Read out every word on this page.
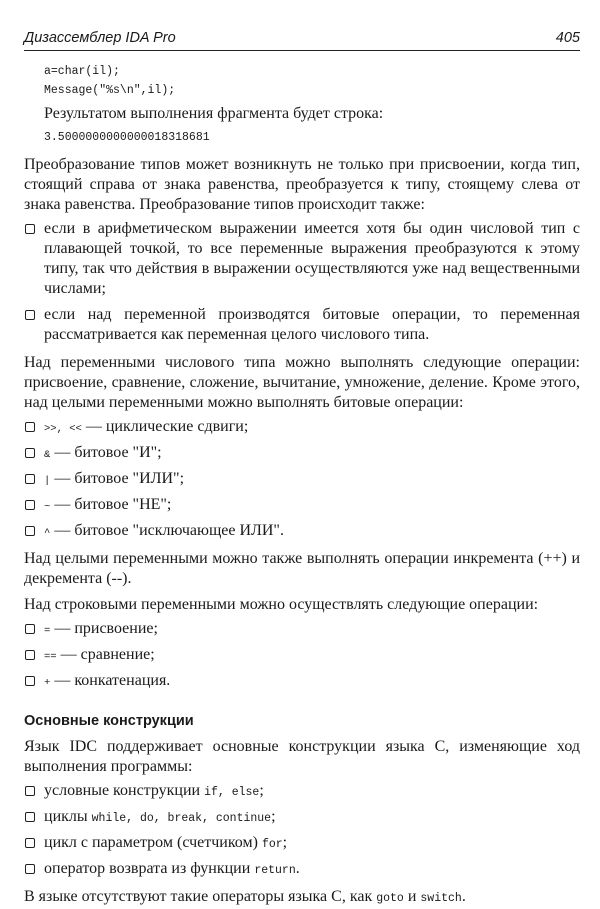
Дизассемблер IDA Pro	405
a=char(il);
Message("%s\n",il);

Результатом выполнения фрагмента будет строка:

3.5000000000000018318681

Преобразование типов может возникнуть не только при присвоении, когда тип, стоящий справа от знака равенства, преобразуется к типу, стоящему слева от знака равенства. Преобразование типов происходит также:

если в арифметическом выражении имеется хотя бы один числовой тип с плавающей точкой, то все переменные выражения преобразуются к этому типу, так что действия в выражении осуществляются уже над вещественными числами;
если над переменной производятся битовые операции, то переменная рассматривается как переменная целого числового типа.

Над переменными числового типа можно выполнять следующие операции: присвоение, сравнение, сложение, вычитание, умножение, деление. Кроме этого, над целыми переменными можно выполнять битовые операции:

>>, << — циклические сдвиги;
& — битовое "И";
| — битовое "ИЛИ";
~ — битовое "НЕ";
^ — битовое "исключающее ИЛИ".

Над целыми переменными можно также выполнять операции инкремента (++) и декремента (--).

Над строковыми переменными можно осуществлять следующие операции:

= — присвоение;
== — сравнение;
+ — конкатенация.
Основные конструкции

Язык IDC поддерживает основные конструкции языка С, изменяющие ход выполнения программы:

условные конструкции if, else;
циклы while, do, break, continue;
цикл с параметром (счетчиком) for;
оператор возврата из функции return.

В языке отсутствуют такие операторы языка С, как goto и switch.
